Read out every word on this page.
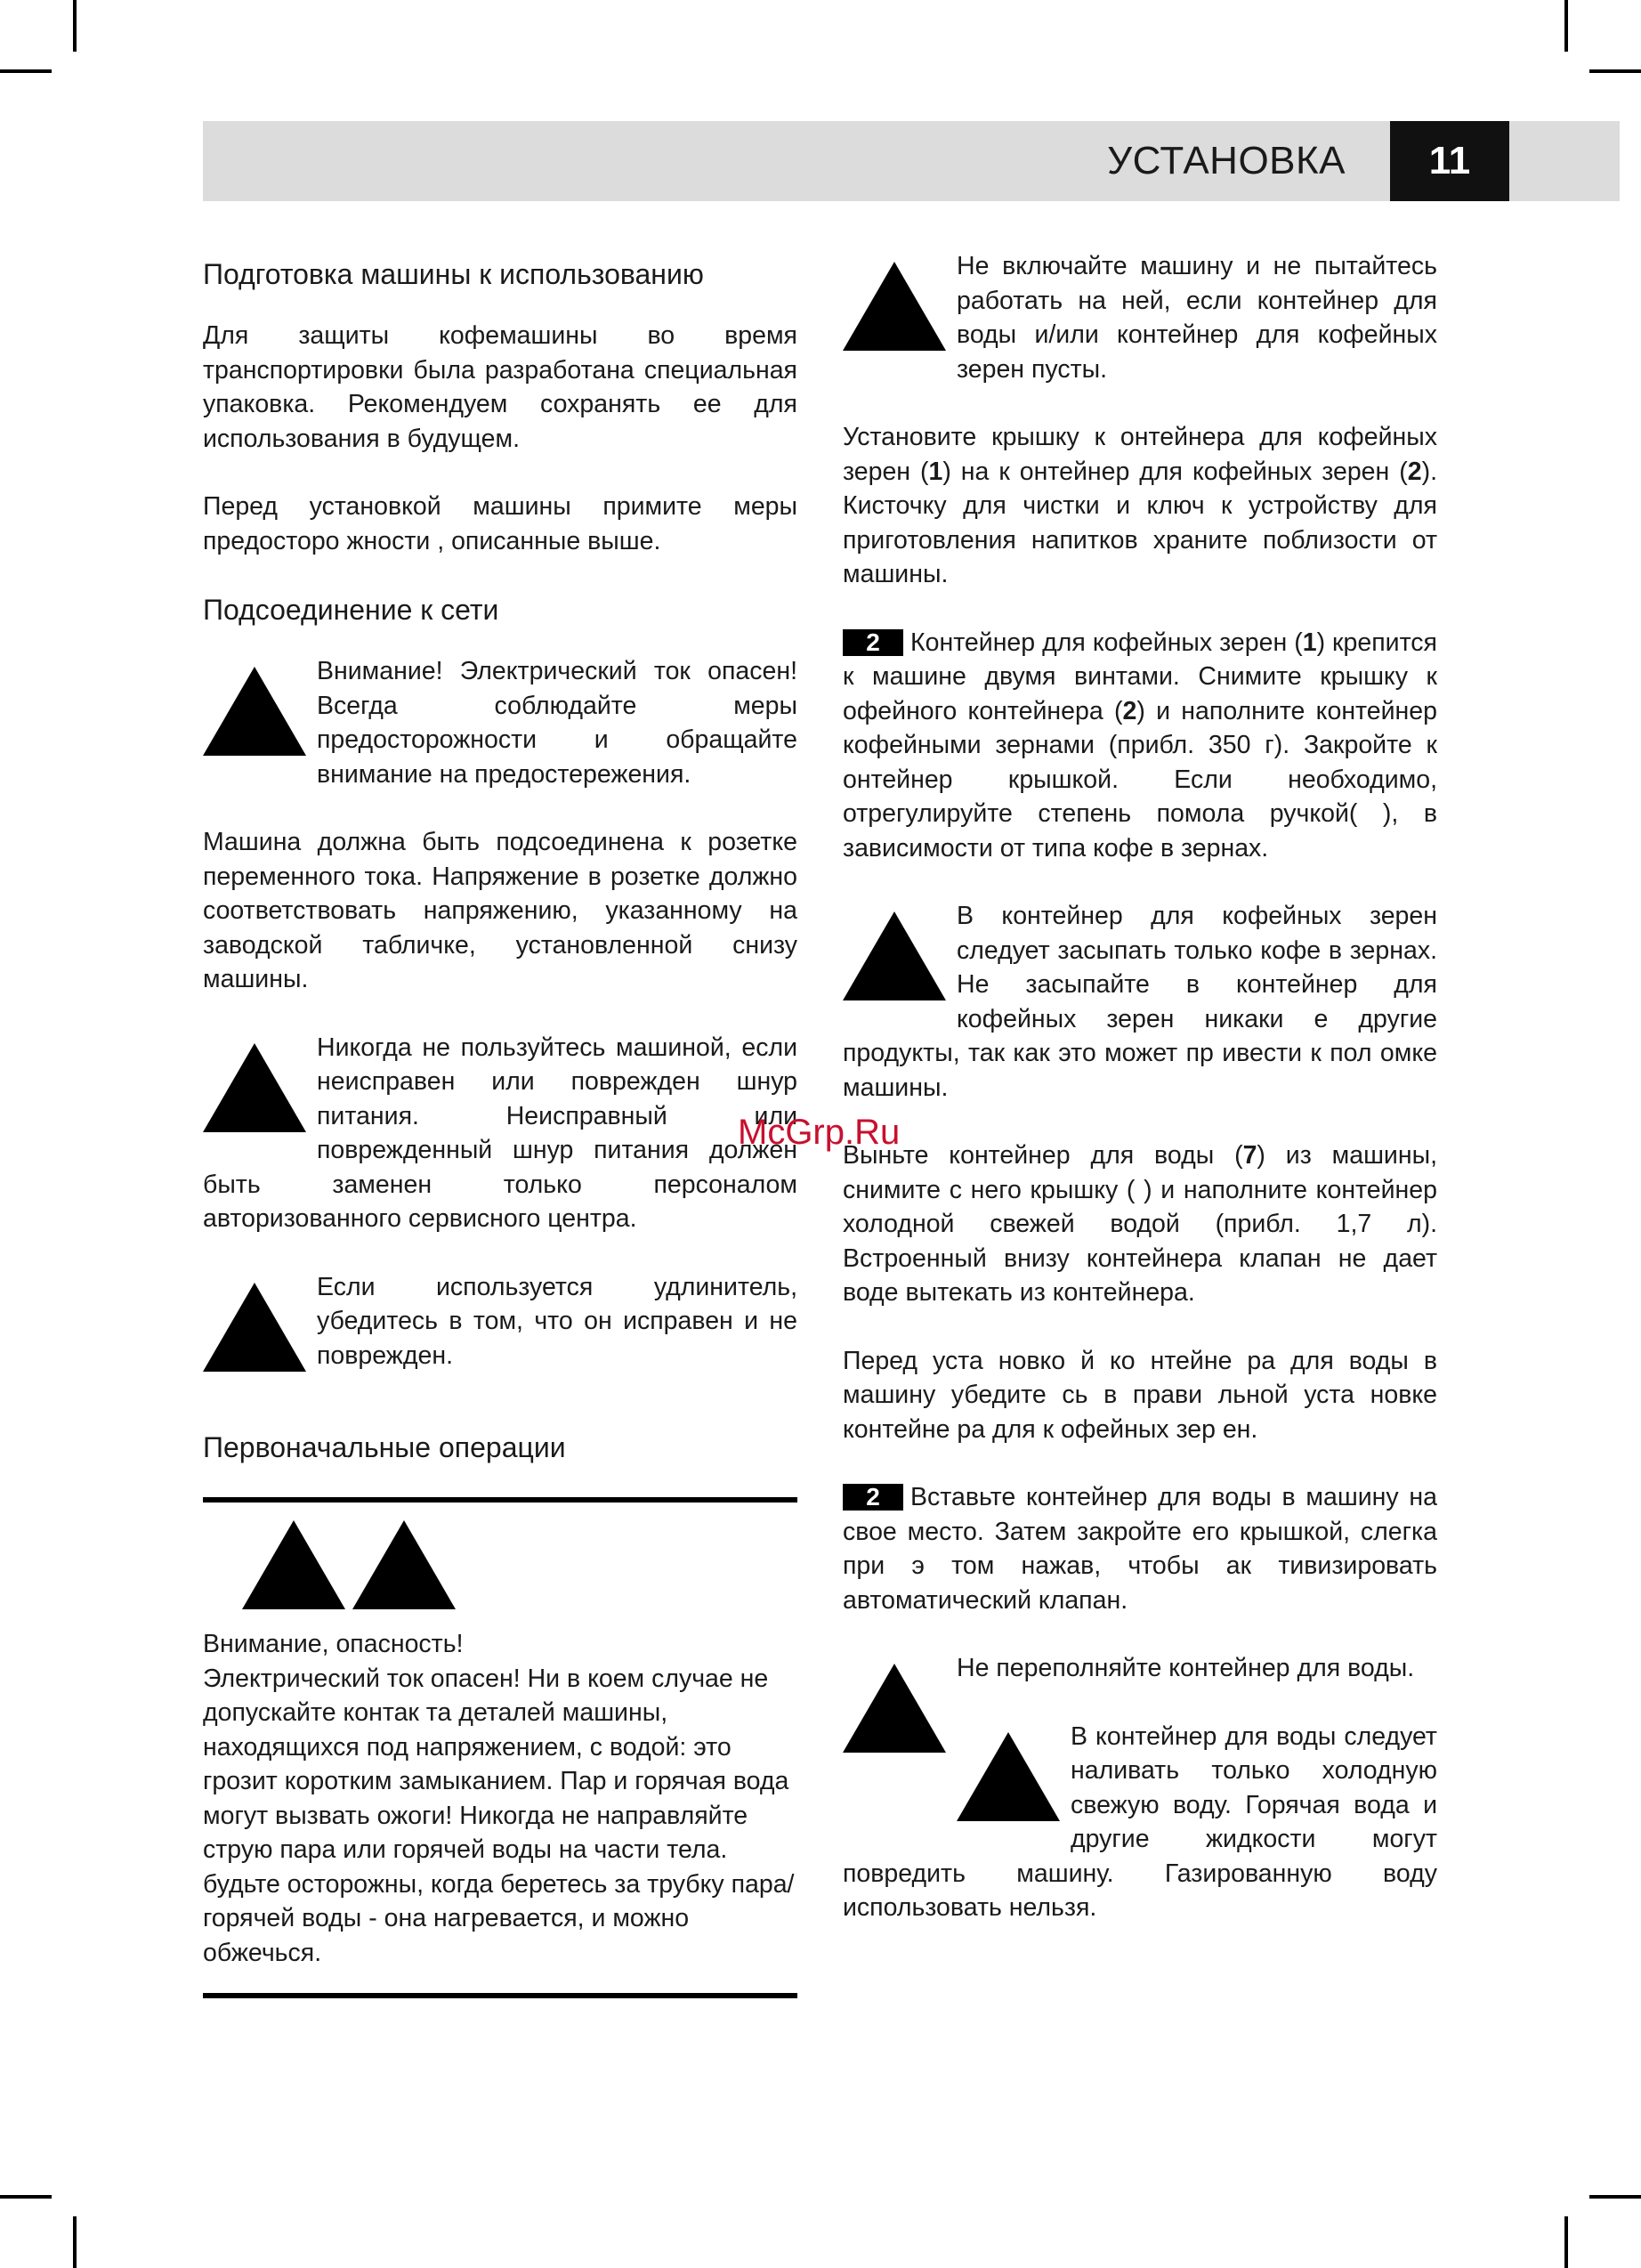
УСТАНОВКА	11
Подготовка машины к использованию
Для защиты кофемашины во время транспортировки была разработана специальная упаковка. Рекомендуем сохранять ее для использования в будущем.
Перед установкой машины примите меры предосторо жности , описанные выше.
Подсоединение к сети
Внимание! Электрический ток опасен! Всегда соблюдайте меры предосторожности и обращайте внимание на предостережения.
Машина должна быть подсоединена к розетке переменного тока. Напряжение в розетке должно соответствовать напряжению, указанному на заводской табличке, установленной снизу машины.
Никогда не пользуйтесь машиной, если неисправен или поврежден шнур питания. Неисправный или поврежденный шнур питания должен быть заменен только персоналом авторизованного сервисного центра.
Если используется удлинитель, убедитесь в том, что он исправен и не поврежден.
Первоначальные операции

Внимание, опасность!
Электрический ток опасен! Ни в коем случае не допускайте контак та деталей машины, находящихся под напряжением, с водой: это грозит коротким замыканием. Пар и горячая вода могут вызвать ожоги! Никогда не направляйте струю пара или горячей воды на части тела. будьте осторожны, когда беретесь за трубку пара/горячей воды - она нагревается, и можно обжечься.
Не включайте машину и не пытайтесь работать на ней, если контейнер для воды и/или контейнер для кофейных зерен пусты.
Установите крышку к онтейнера для кофейных зерен (1) на к онтейнер для кофейных зерен (2). Кисточку для чистки и ключ к устройству для приготовления напитков храните поблизости от машины.
2 Контейнер для кофейных зерен (1) крепится к машине двумя винтами. Снимите крышку к офейного контейнера (2) и наполните контейнер кофейными зернами (прибл. 350 г). Закройте к онтейнер крышкой. Если необходимо, отрегулируйте степень помола ручкой( ), в зависимости от типа кофе в зернах.
В контейнер для кофейных зерен следует засыпать только кофе в зернах. Не засыпайте в контейнер для кофейных зерен никаки е другие продукты, так как это может пр ивести к пол омке машины.
Выньте контейнер для воды (7) из машины, снимите с него крышку ( ) и наполните контейнер холодной свежей водой (прибл. 1,7 л). Встроенный внизу контейнера клапан не дает воде вытекать из контейнера.
Перед уста новко й ко нтейне ра для воды в машину убедите сь в прави льной уста новке контейне ра для к офейных зер ен.
2 Вставьте контейнер для воды в машину на свое место. Затем закройте его крышкой, слегка при э том нажав, чтобы ак тивизировать автоматический клапан.
Не переполняйте контейнер для воды.
В контейнер для воды следует наливать только холодную свежую воду. Горячая вода и другие жидкости могут повредить машину. Газированную воду использовать нельзя.
McGrp.Ru
